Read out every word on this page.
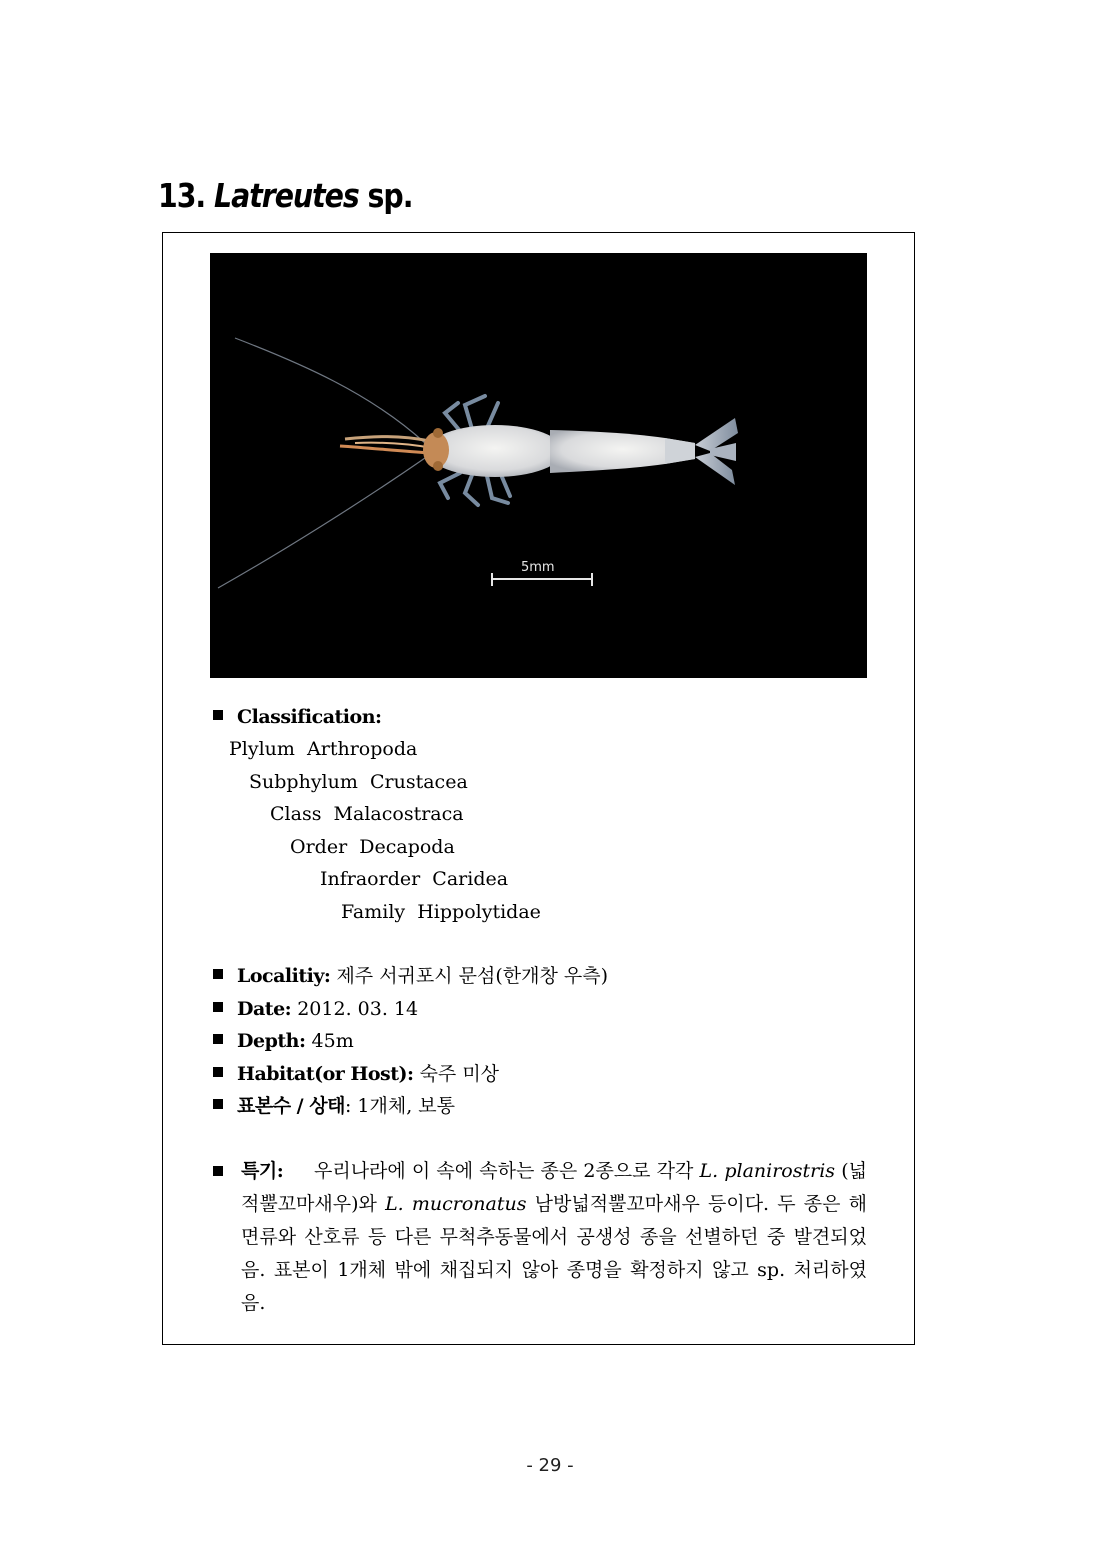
13. Latreutes sp.
5mm
Classification:
Plylum Arthropoda
Subphylum Crustacea
Class Malacostraca
Order Decapoda
Infraorder Caridea
Family Hippolytidae
Localitiy: 제주 서귀포시 문섬(한개창 우측)
Date: 2012. 03. 14
Depth: 45m
Habitat(or Host): 숙주 미상
표본수 / 상태: 1개체, 보통
특기: 우리나라에 이 속에 속하는 종은 2종으로 각각 L. planirostris (넓적뿔꼬마새우)와 L. mucronatus 남방넓적뿔꼬마새우 등이다. 두 종은 해면류와 산호류 등 다른 무척추동물에서 공생성 종을 선별하던 중 발견되었음. 표본이 1개체 밖에 채집되지 않아 종명을 확정하지 않고 sp. 처리하였음.
- 29 -
